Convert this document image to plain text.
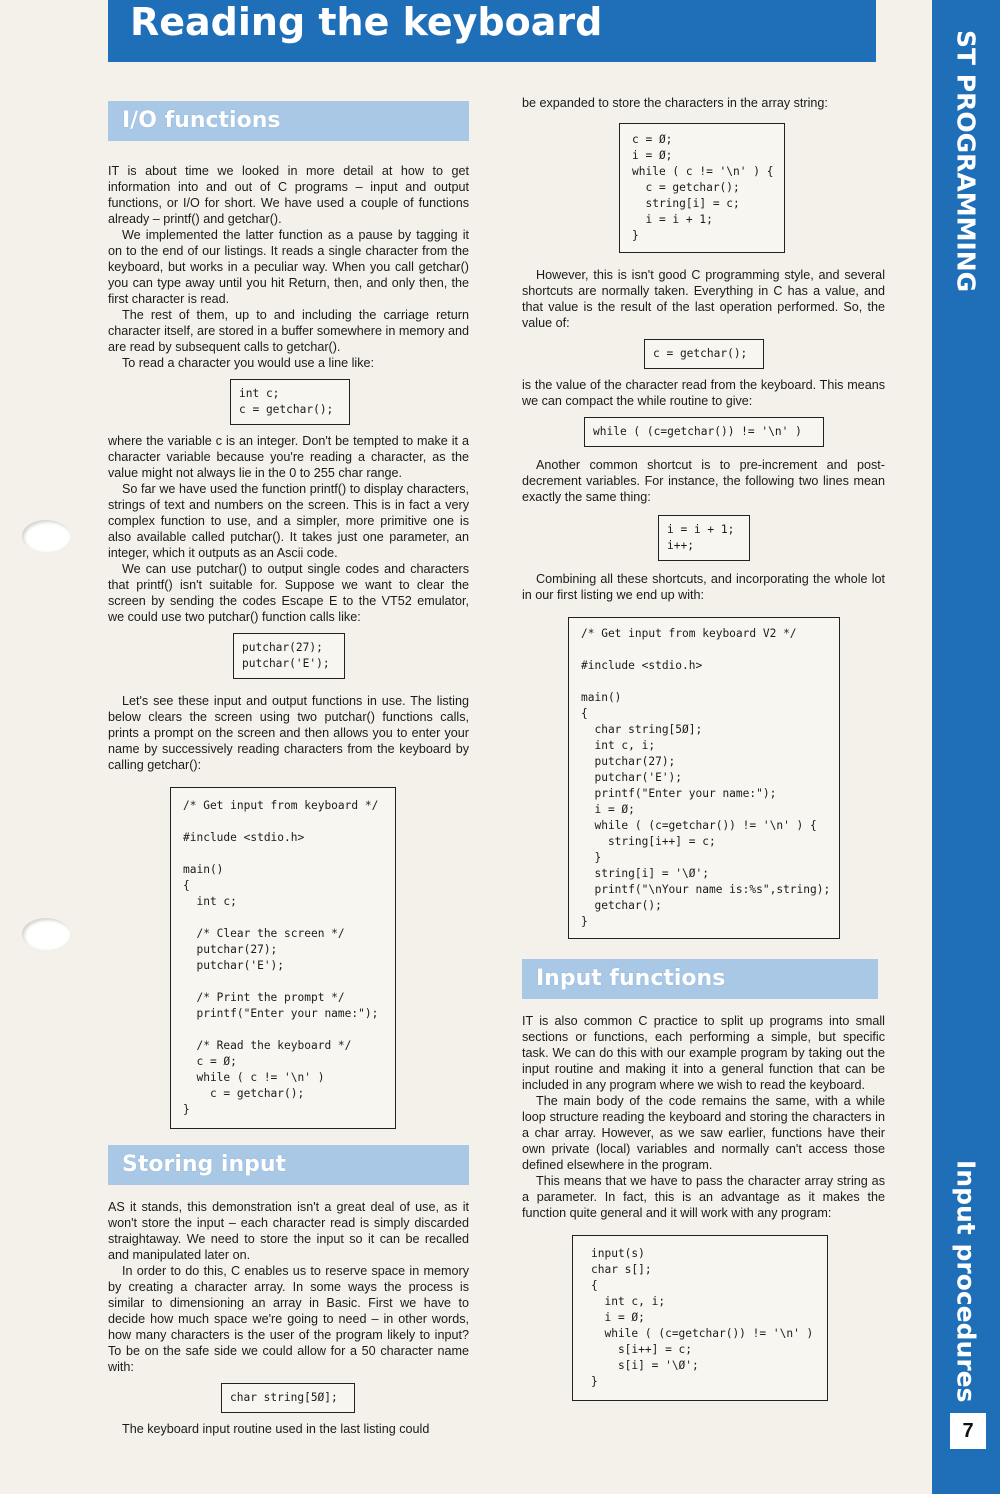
Reading the keyboard
ST PROGRAMMING
Input procedures
7
I/O functions

IT is about time we looked in more detail at how to get information into and out of C programs – input and output functions, or I/O for short. We have used a couple of functions already – printf() and getchar().

We implemented the latter function as a pause by tagging it on to the end of our listings. It reads a single character from the keyboard, but works in a peculiar way. When you call getchar() you can type away until you hit Return, then, and only then, the first character is read.

The rest of them, up to and including the carriage return character itself, are stored in a buffer somewhere in memory and are read by subsequent calls to getchar().

To read a character you would use a line like:

int c;
c = getchar();

where the variable c is an integer. Don't be tempted to make it a character variable because you're reading a character, as the value might not always lie in the 0 to 255 char range.

So far we have used the function printf() to display characters, strings of text and numbers on the screen. This is in fact a very complex function to use, and a simpler, more primitive one is also available called putchar(). It takes just one parameter, an integer, which it outputs as an Ascii code.

We can use putchar() to output single codes and characters that printf() isn't suitable for. Suppose we want to clear the screen by sending the codes Escape E to the VT52 emulator, we could use two putchar() function calls like:

putchar(27);
putchar('E');

Let's see these input and output functions in use. The listing below clears the screen using two putchar() functions calls, prints a prompt on the screen and then allows you to enter your name by successively reading characters from the keyboard by calling getchar():

/* Get input from keyboard */

#include <stdio.h>

main()
{
int c;

/* Clear the screen */
putchar(27);
putchar('E');

/* Print the prompt */
printf("Enter your name:");

/* Read the keyboard */
c = Ø;
while ( c != '\n' )
c = getchar();
}
Storing input

AS it stands, this demonstration isn't a great deal of use, as it won't store the input – each character read is simply discarded straightaway. We need to store the input so it can be recalled and manipulated later on.

In order to do this, C enables us to reserve space in memory by creating a character array. In some ways the process is similar to dimensioning an array in Basic. First we have to decide how much space we're going to need – in other words, how many characters is the user of the program likely to input? To be on the safe side we could allow for a 50 character name with:

char string[5Ø];

The keyboard input routine used in the last listing could

be expanded to store the characters in the array string:

c = Ø;
i = Ø;
while ( c != '\n' ) {
c = getchar();
string[i] = c;
i = i + 1;
}

However, this is isn't good C programming style, and several shortcuts are normally taken. Everything in C has a value, and that value is the result of the last operation performed. So, the value of:

c = getchar();

is the value of the character read from the keyboard. This means we can compact the while routine to give:

while ( (c=getchar()) != '\n' )

Another common shortcut is to pre-increment and post-decrement variables. For instance, the following two lines mean exactly the same thing:

i = i + 1;
i++;

Combining all these shortcuts, and incorporating the whole lot in our first listing we end up with:

/* Get input from keyboard V2 */

#include <stdio.h>

main()
{
char string[5Ø];
int c, i;
putchar(27);
putchar('E');
printf("Enter your name:");
i = Ø;
while ( (c=getchar()) != '\n' ) {
string[i++] = c;
}
string[i] = '\Ø';
printf("\nYour name is:%s",string);
getchar();
}
Input functions

IT is also common C practice to split up programs into small sections or functions, each performing a simple, but specific task. We can do this with our example program by taking out the input routine and making it into a general function that can be included in any program where we wish to read the keyboard.

The main body of the code remains the same, with a while loop structure reading the keyboard and storing the characters in a char array. However, as we saw earlier, functions have their own private (local) variables and normally can't access those defined elsewhere in the program.

This means that we have to pass the character array string as a parameter. In fact, this is an advantage as it makes the function quite general and it will work with any program:

input(s)
char s[];
{
int c, i;
i = Ø;
while ( (c=getchar()) != '\n' )
s[i++] = c;
s[i] = '\Ø';
}
